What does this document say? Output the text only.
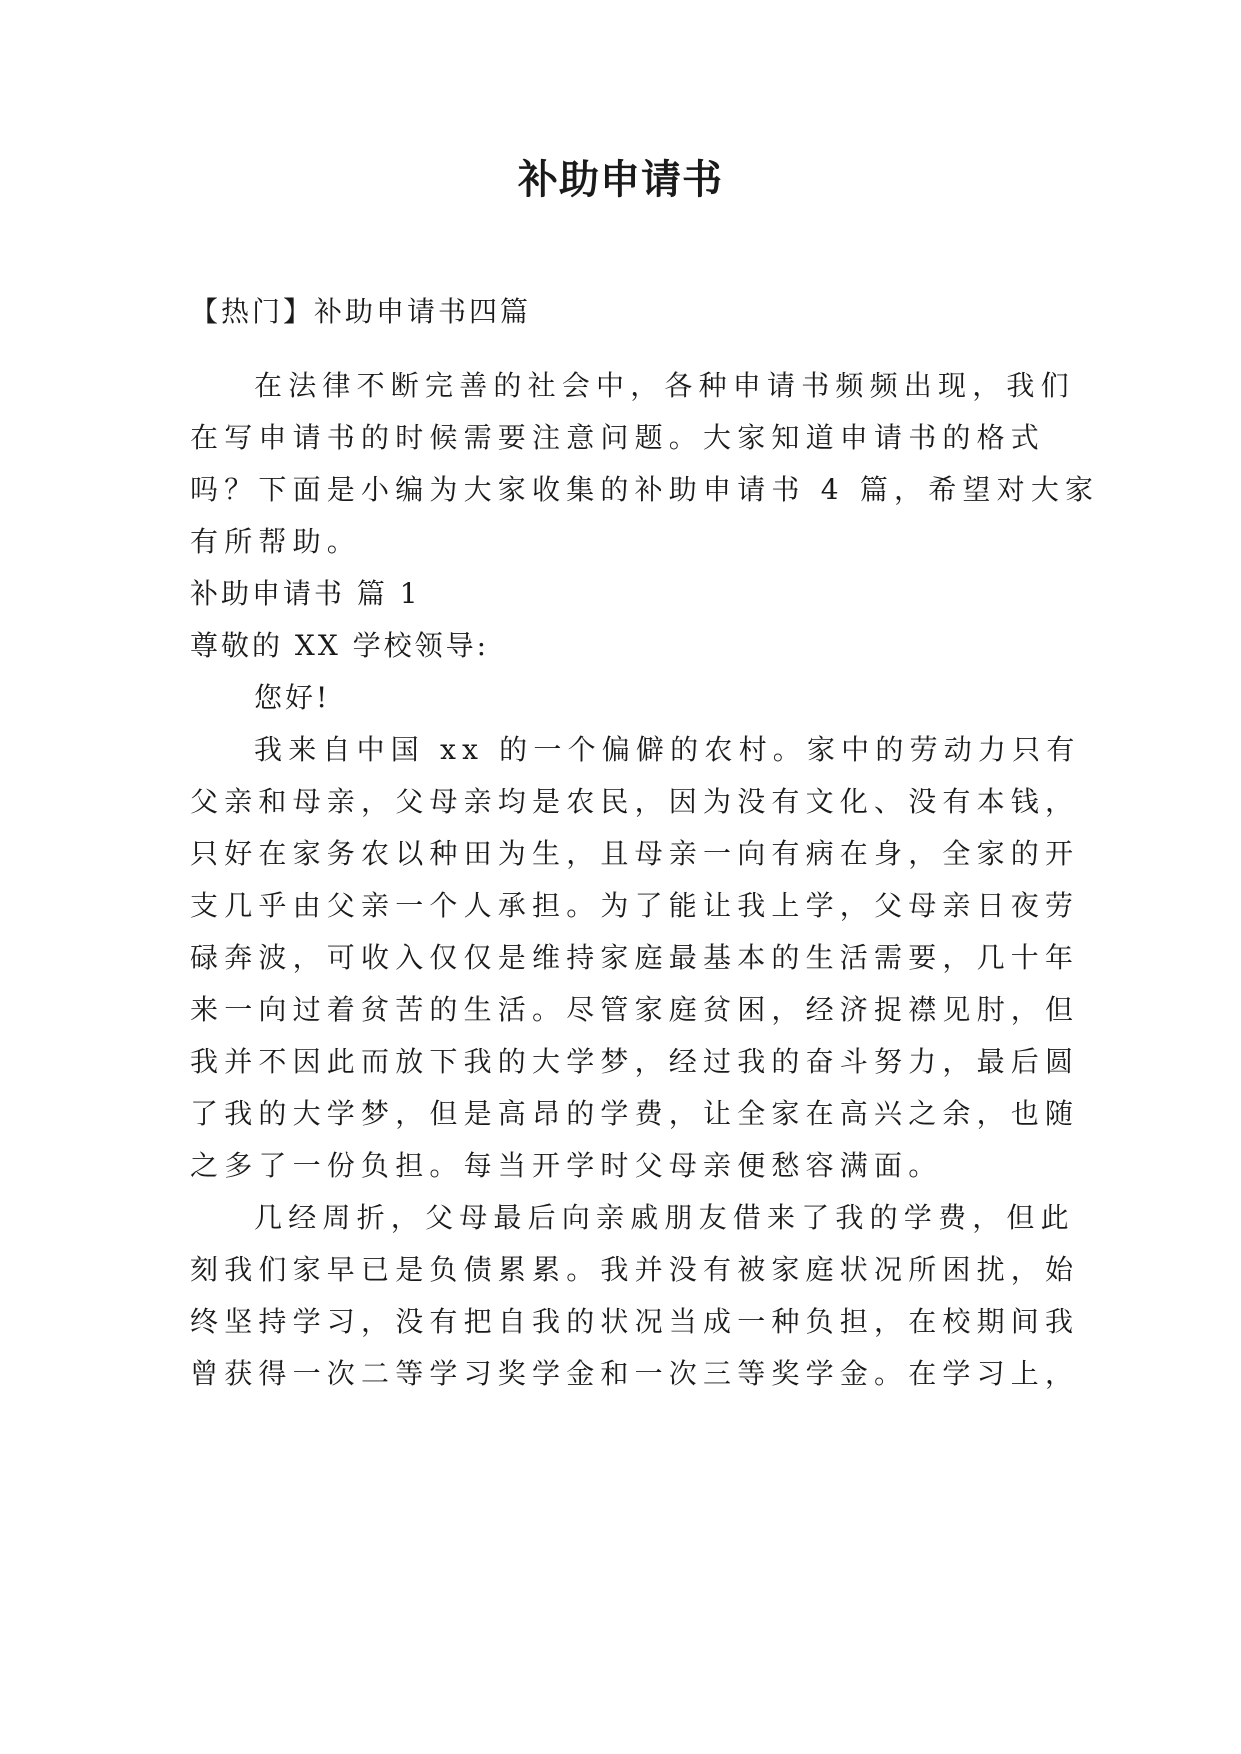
补助申请书
【热门】补助申请书四篇
在法律不断完善的社会中，各种申请书频频出现，我们
在写申请书的时候需要注意问题。大家知道申请书的格式
吗？下面是小编为大家收集的补助申请书 4 篇，希望对大家
有所帮助。
补助申请书 篇 1
尊敬的 XX 学校领导:
您好!
我来自中国 xx 的一个偏僻的农村。家中的劳动力只有
父亲和母亲，父母亲均是农民，因为没有文化、没有本钱，
只好在家务农以种田为生，且母亲一向有病在身，全家的开
支几乎由父亲一个人承担。为了能让我上学，父母亲日夜劳
碌奔波，可收入仅仅是维持家庭最基本的生活需要，几十年
来一向过着贫苦的生活。尽管家庭贫困，经济捉襟见肘，但
我并不因此而放下我的大学梦，经过我的奋斗努力，最后圆
了我的大学梦，但是高昂的学费，让全家在高兴之余，也随
之多了一份负担。每当开学时父母亲便愁容满面。
几经周折，父母最后向亲戚朋友借来了我的学费，但此
刻我们家早已是负债累累。我并没有被家庭状况所困扰，始
终坚持学习，没有把自我的状况当成一种负担，在校期间我
曾获得一次二等学习奖学金和一次三等奖学金。在学习上，
